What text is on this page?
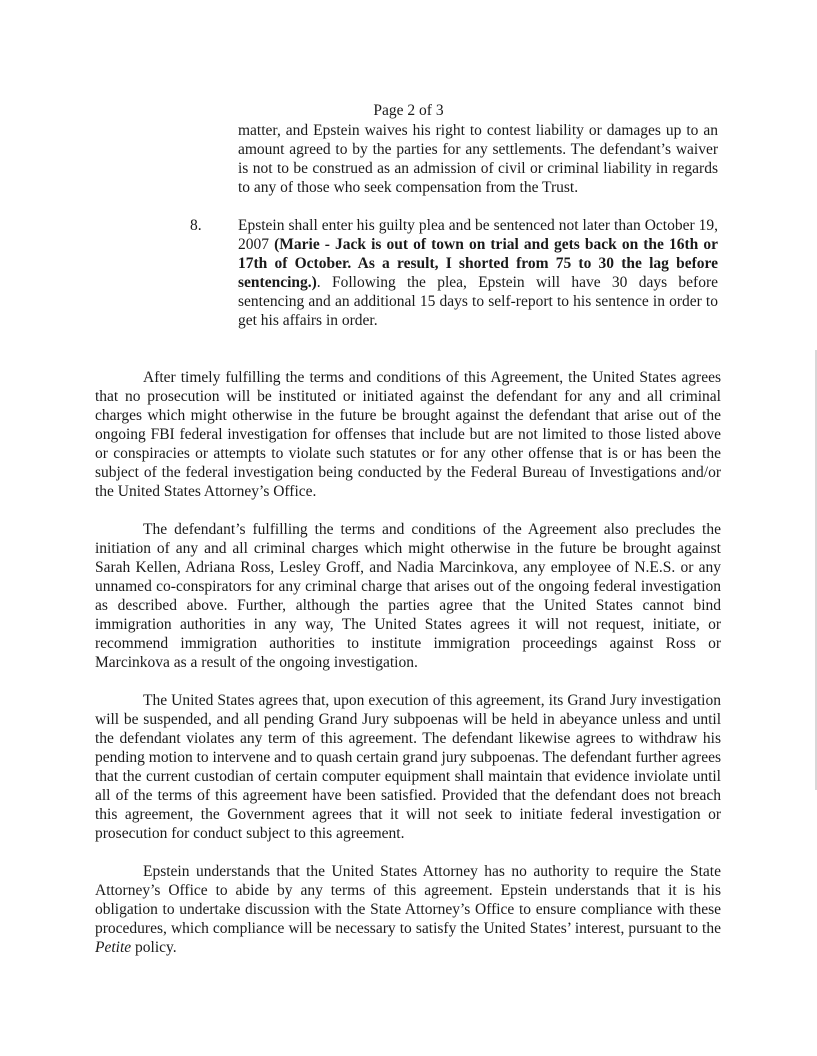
Page 2 of 3
matter, and Epstein waives his right to contest liability or damages up to an amount agreed to by the parties for any settlements. The defendant’s waiver is not to be construed as an admission of civil or criminal liability in regards to any of those who seek compensation from the Trust.
8. Epstein shall enter his guilty plea and be sentenced not later than October 19, 2007 (Marie - Jack is out of town on trial and gets back on the 16th or 17th of October. As a result, I shorted from 75 to 30 the lag before sentencing.). Following the plea, Epstein will have 30 days before sentencing and an additional 15 days to self-report to his sentence in order to get his affairs in order.

After timely fulfilling the terms and conditions of this Agreement, the United States agrees that no prosecution will be instituted or initiated against the defendant for any and all criminal charges which might otherwise in the future be brought against the defendant that arise out of the ongoing FBI federal investigation for offenses that include but are not limited to those listed above or conspiracies or attempts to violate such statutes or for any other offense that is or has been the subject of the federal investigation being conducted by the Federal Bureau of Investigations and/or the United States Attorney’s Office.

The defendant’s fulfilling the terms and conditions of the Agreement also precludes the initiation of any and all criminal charges which might otherwise in the future be brought against Sarah Kellen, Adriana Ross, Lesley Groff, and Nadia Marcinkova, any employee of N.E.S. or any unnamed co-conspirators for any criminal charge that arises out of the ongoing federal investigation as described above. Further, although the parties agree that the United States cannot bind immigration authorities in any way, The United States agrees it will not request, initiate, or recommend immigration authorities to institute immigration proceedings against Ross or Marcinkova as a result of the ongoing investigation.

The United States agrees that, upon execution of this agreement, its Grand Jury investigation will be suspended, and all pending Grand Jury subpoenas will be held in abeyance unless and until the defendant violates any term of this agreement. The defendant likewise agrees to withdraw his pending motion to intervene and to quash certain grand jury subpoenas. The defendant further agrees that the current custodian of certain computer equipment shall maintain that evidence inviolate until all of the terms of this agreement have been satisfied. Provided that the defendant does not breach this agreement, the Government agrees that it will not seek to initiate federal investigation or prosecution for conduct subject to this agreement.

Epstein understands that the United States Attorney has no authority to require the State Attorney’s Office to abide by any terms of this agreement. Epstein understands that it is his obligation to undertake discussion with the State Attorney’s Office to ensure compliance with these procedures, which compliance will be necessary to satisfy the United States’ interest, pursuant to the Petite policy.
